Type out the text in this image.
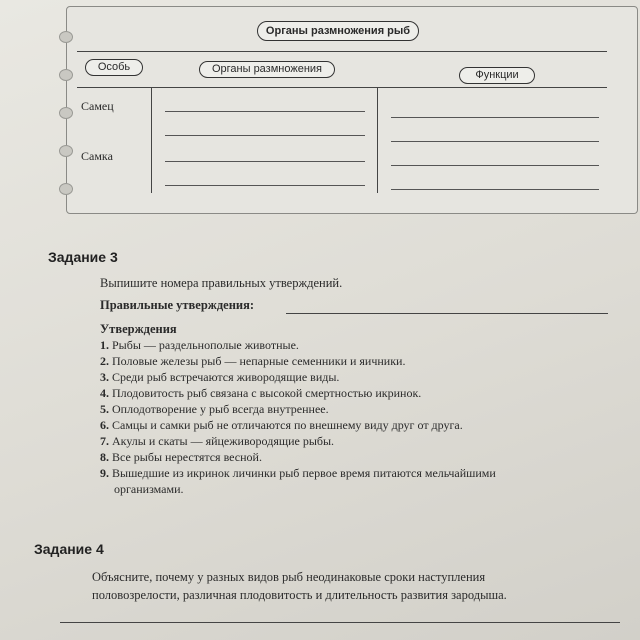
Органы размножения рыб
Особь	Органы размножения	Функции
Самец
Самка
Задание 3
Выпишите номера правильных утверждений.
Правильные утверждения:
Утверждения
1. Рыбы — раздельнополые животные.
2. Половые железы рыб — непарные семенники и яичники.
3. Среди рыб встречаются живородящие виды.
4. Плодовитость рыб связана с высокой смертностью икринок.
5. Оплодотворение у рыб всегда внутреннее.
6. Самцы и самки рыб не отличаются по внешнему виду друг от друга.
7. Акулы и скаты — яйцеживородящие рыбы.
8. Все рыбы нерестятся весной.
9. Вышедшие из икринок личинки рыб первое время питаются мельчайшими
организмами.
Задание 4
Объясните, почему у разных видов рыб неодинаковые сроки наступления
половозрелости, различная плодовитость и длительность развития зародыша.
